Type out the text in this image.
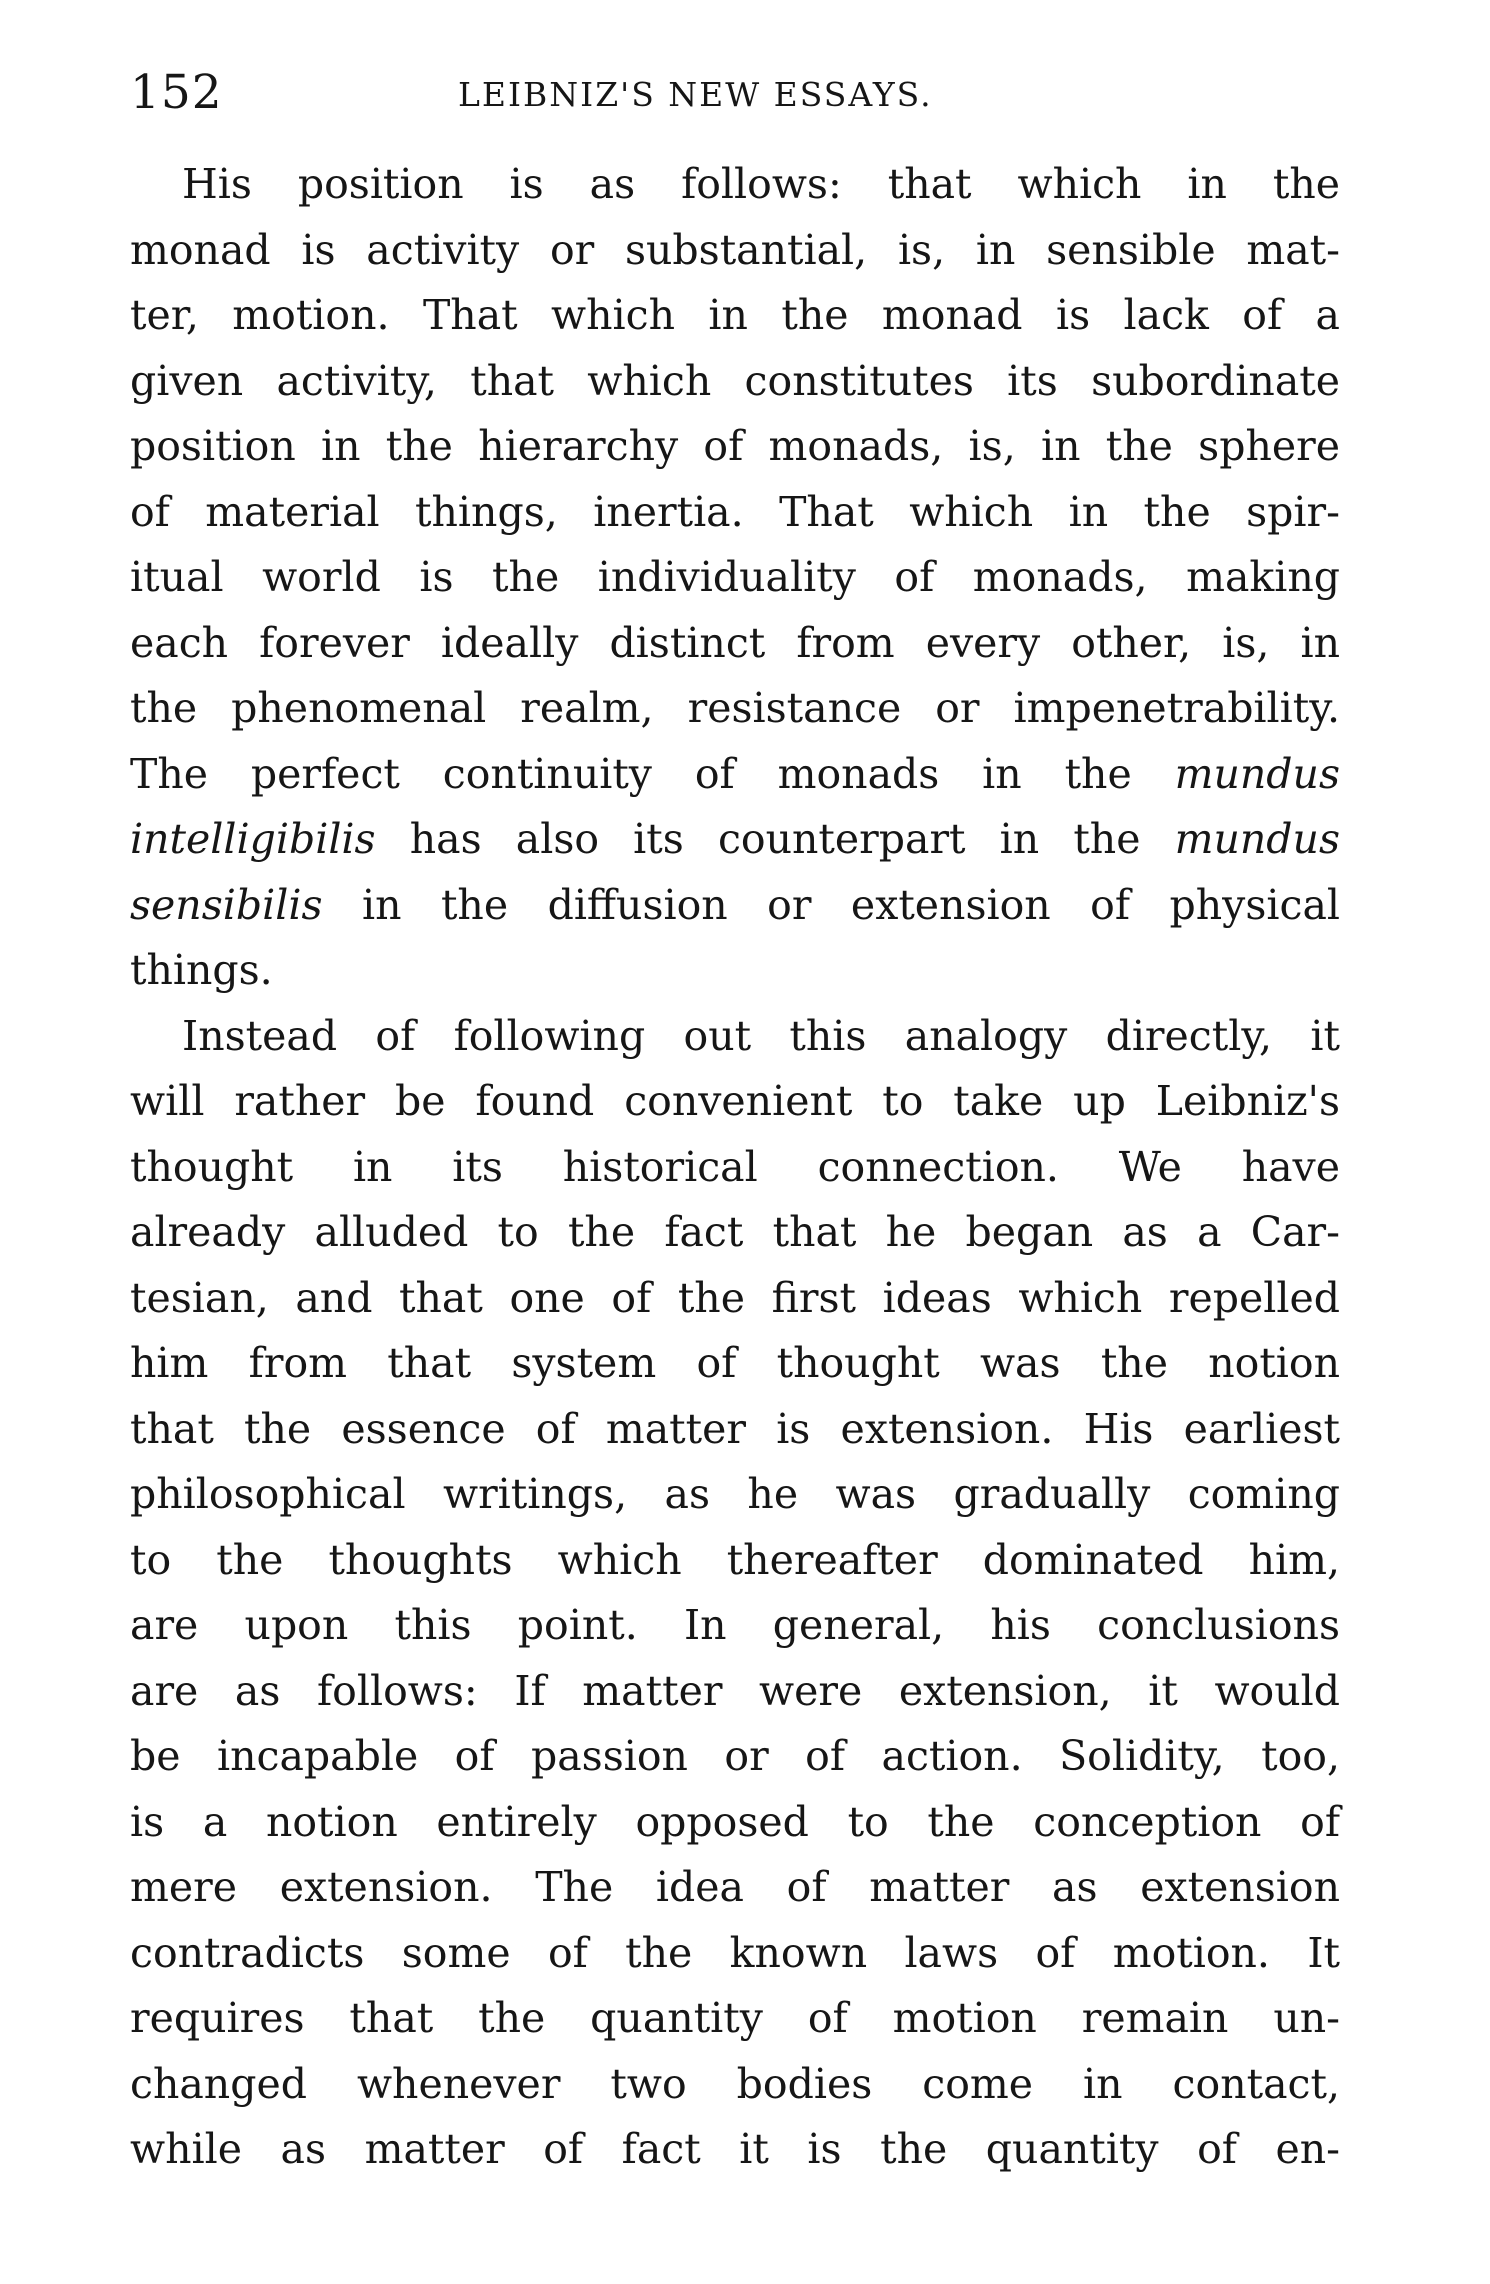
152	LEIBNIZ'S NEW ESSAYS.
His position is as follows: that which in the
monad is activity or substantial, is, in sensible mat-
ter, motion. That which in the monad is lack of a
given activity, that which constitutes its subordinate
position in the hierarchy of monads, is, in the sphere
of material things, inertia. That which in the spir-
itual world is the individuality of monads, making
each forever ideally distinct from every other, is, in
the phenomenal realm, resistance or impenetrability.
The perfect continuity of monads in the mundus
intelligibilis has also its counterpart in the mundus
sensibilis in the diffusion or extension of physical
things.
Instead of following out this analogy directly, it
will rather be found convenient to take up Leibniz's
thought in its historical connection. We have
already alluded to the fact that he began as a Car-
tesian, and that one of the first ideas which repelled
him from that system of thought was the notion
that the essence of matter is extension. His earliest
philosophical writings, as he was gradually coming
to the thoughts which thereafter dominated him,
are upon this point. In general, his conclusions
are as follows: If matter were extension, it would
be incapable of passion or of action. Solidity, too,
is a notion entirely opposed to the conception of
mere extension. The idea of matter as extension
contradicts some of the known laws of motion. It
requires that the quantity of motion remain un-
changed whenever two bodies come in contact,
while as matter of fact it is the quantity of en-
